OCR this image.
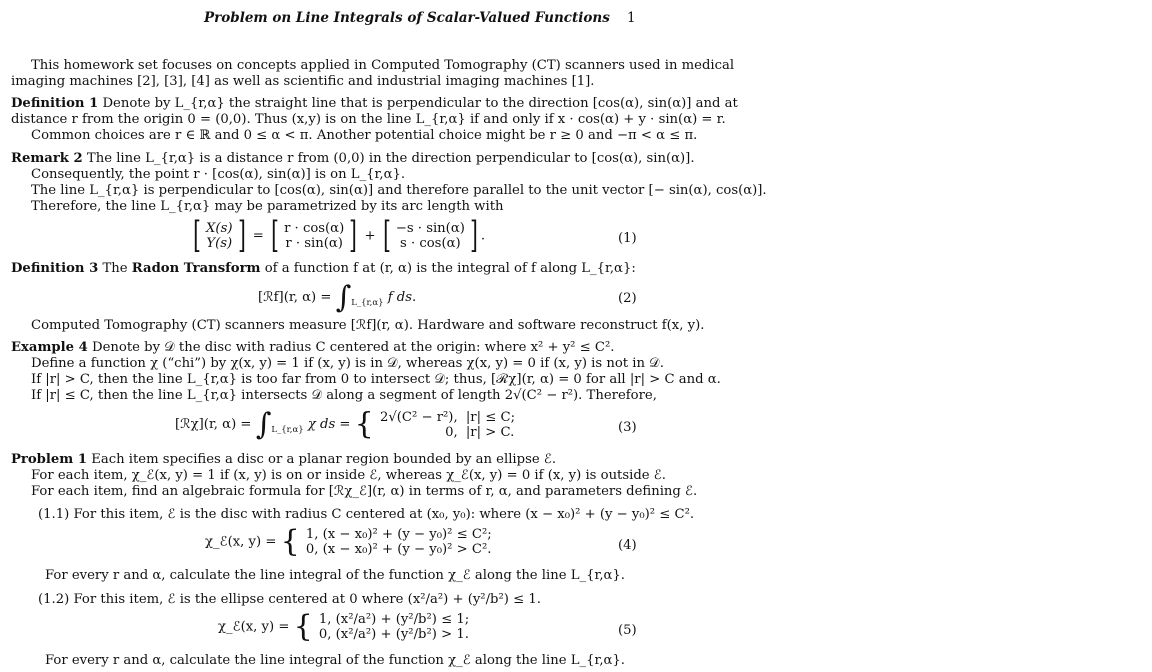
Problem on Line Integrals of Scalar-Valued Functions 1
This homework set focuses on concepts applied in Computed Tomography (CT) scanners used in medical
imaging machines [2], [3], [4] as well as scientific and industrial imaging machines [1].
Definition 1 Denote by L_{r,α} the straight line that is perpendicular to the direction [cos(α), sin(α)] and at
distance r from the origin 0 = (0,0). Thus (x,y) is on the line L_{r,α} if and only if x · cos(α) + y · sin(α) = r.
Common choices are r ∈ ℝ and 0 ≤ α < π. Another potential choice might be r ≥ 0 and −π < α ≤ π.
Remark 2 The line L_{r,α} is a distance r from (0,0) in the direction perpendicular to [cos(α), sin(α)].
Consequently, the point r · [cos(α), sin(α)] is on L_{r,α}.
The line L_{r,α} is perpendicular to [cos(α), sin(α)] and therefore parallel to the unit vector [− sin(α), cos(α)].
Therefore, the line L_{r,α} may be parametrized by its arc length with
[ X(s)
Y(s) ] = [ r · cos(α)
r · sin(α) ] + [ −s · sin(α)
s · cos(α) ] .	(1)
Definition 3 The Radon Transform of a function f at (r, α) is the integral of f along L_{r,α}:
[ℛf](r, $\alpha) = \int_{L\_\{r,\alpha\}}$ f ds.	(2)
Computed Tomography (CT) scanners measure [ℛf](r, α). Hardware and software reconstruct f(x, y).
Example 4 Denote by 𝒟 the disc with radius C centered at the origin: where x² + y² ≤ C².
Define a function χ (“chi”) by χ(x, y) = 1 if (x, y) is in 𝒟, whereas χ(x, y) = 0 if (x, y) is not in 𝒟.
If |r| > C, then the line L_{r,α} is too far from 0 to intersect 𝒟; thus, [ℛχ](r, α) = 0 for all |r| > C and α.
If |r| ≤ C, then the line L_{r,α} intersects 𝒟 along a segment of length 2√(C² − r²). Therefore,
[ℛχ](r, $\alpha) = \int_{L\_\{r,\alpha\}}$ χ ds = { 2√(C² − r²),
0, |r| ≤ C;
|r| > C.	(3)
Problem 1 Each item specifies a disc or a planar region bounded by an ellipse ℰ.
For each item, χ_ℰ(x, y) = 1 if (x, y) is on or inside ℰ, whereas χ_ℰ(x, y) = 0 if (x, y) is outside ℰ.
For each item, find an algebraic formula for [ℛχ_ℰ](r, α) in terms of r, α, and parameters defining ℰ.
(1.1) For this item, ℰ is the disc with radius C centered at (x₀, y₀): where (x − x₀)² + (y − y₀)² ≤ C².
χ_ℰ(x, y) = { 1, (x − x₀)² + (y − y₀)² ≤ C²;
0, (x − x₀)² + (y − y₀)² > C².	(4)
For every r and α, calculate the line integral of the function χ_ℰ along the line L_{r,α}.
(1.2) For this item, ℰ is the ellipse centered at 0 where (x²/a²) + (y²/b²) ≤ 1.
χ_ℰ(x, y) = { 1, (x²/a²) + (y²/b²) ≤ 1;
0, (x²/a²) + (y²/b²) > 1.	(5)
For every r and α, calculate the line integral of the function χ_ℰ along the line L_{r,α}.
